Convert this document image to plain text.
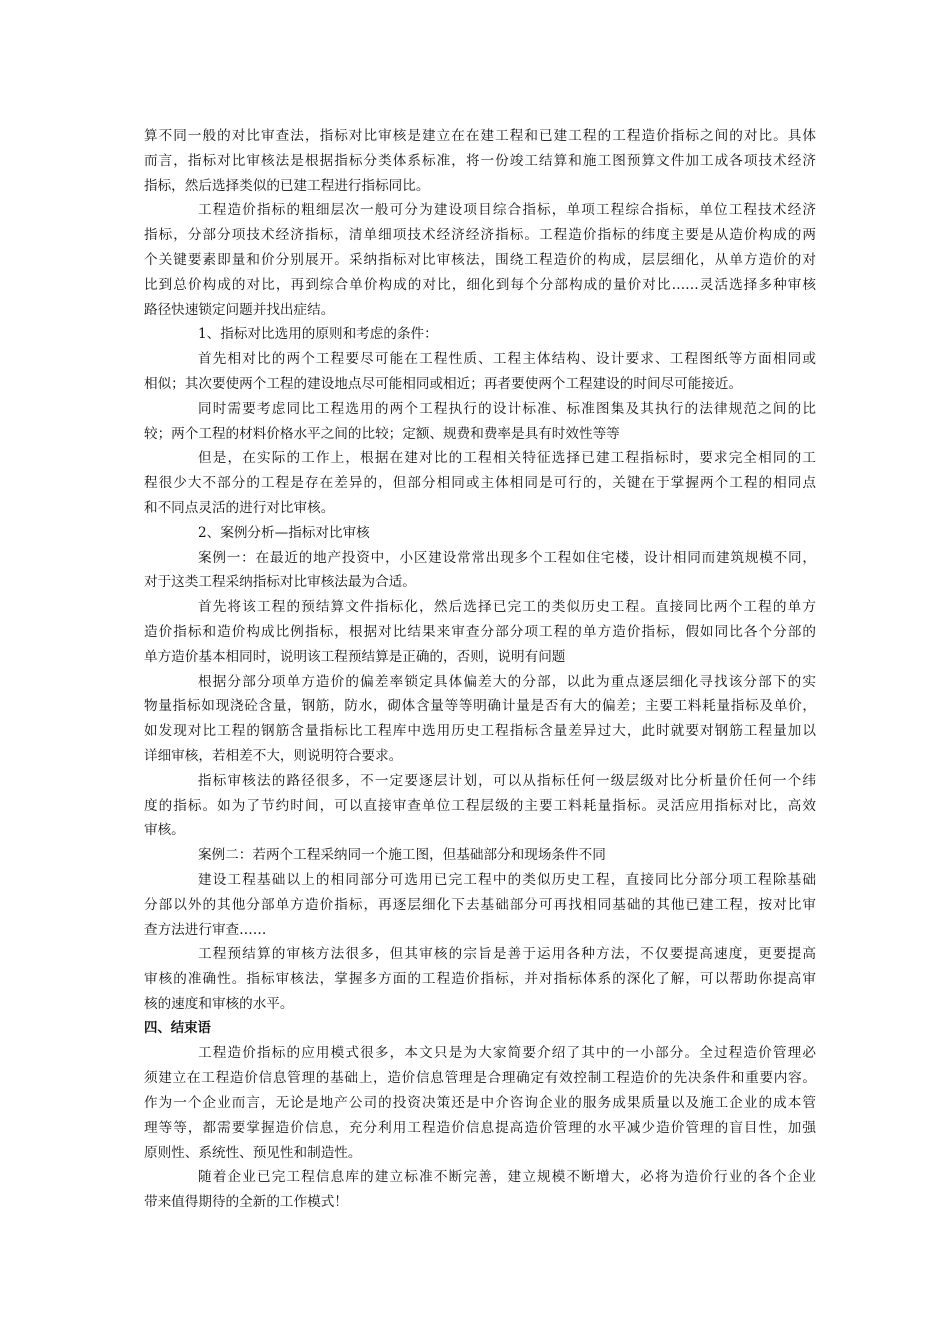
算不同一般的对比审查法，指标对比审核是建立在在建工程和已建工程的工程造价指标之间的对比。具体
而言，指标对比审核法是根据指标分类体系标准，将一份竣工结算和施工图预算文件加工成各项技术经济
指标，然后选择类似的已建工程进行指标同比。
工程造价指标的粗细层次一般可分为建设项目综合指标，单项工程综合指标，单位工程技术经济
指标，分部分项技术经济指标，清单细项技术经济经济指标。工程造价指标的纬度主要是从造价构成的两
个关键要素即量和价分别展开。采纳指标对比审核法，围绕工程造价的构成，层层细化，从单方造价的对
比到总价构成的对比，再到综合单价构成的对比，细化到每个分部构成的量价对比……灵活选择多种审核
路径快速锁定问题并找出症结。
1、指标对比选用的原则和考虑的条件：
首先相对比的两个工程要尽可能在工程性质、工程主体结构、设计要求、工程图纸等方面相同或
相似；其次要使两个工程的建设地点尽可能相同或相近；再者要使两个工程建设的时间尽可能接近。
同时需要考虑同比工程选用的两个工程执行的设计标准、标准图集及其执行的法律规范之间的比
较；两个工程的材料价格水平之间的比较；定额、规费和费率是具有时效性等等
但是，在实际的工作上，根据在建对比的工程相关特征选择已建工程指标时，要求完全相同的工
程很少大不部分的工程是存在差异的，但部分相同或主体相同是可行的，关键在于掌握两个工程的相同点
和不同点灵活的进行对比审核。
2、案例分析—指标对比审核
案例一：在最近的地产投资中，小区建设常常出现多个工程如住宅楼，设计相同而建筑规模不同，
对于这类工程采纳指标对比审核法最为合适。
首先将该工程的预结算文件指标化，然后选择已完工的类似历史工程。直接同比两个工程的单方
造价指标和造价构成比例指标，根据对比结果来审查分部分项工程的单方造价指标，假如同比各个分部的
单方造价基本相同时，说明该工程预结算是正确的，否则，说明有问题
根据分部分项单方造价的偏差率锁定具体偏差大的分部，以此为重点逐层细化寻找该分部下的实
物量指标如现浇砼含量，钢筋，防水，砌体含量等等明确计量是否有大的偏差；主要工料耗量指标及单价，
如发现对比工程的钢筋含量指标比工程库中选用历史工程指标含量差异过大，此时就要对钢筋工程量加以
详细审核，若相差不大，则说明符合要求。
指标审核法的路径很多，不一定要逐层计划，可以从指标任何一级层级对比分析量价任何一个纬
度的指标。如为了节约时间，可以直接审查单位工程层级的主要工料耗量指标。灵活应用指标对比，高效
审核。
案例二：若两个工程采纳同一个施工图，但基础部分和现场条件不同
建设工程基础以上的相同部分可选用已完工程中的类似历史工程，直接同比分部分项工程除基础
分部以外的其他分部单方造价指标，再逐层细化下去基础部分可再找相同基础的其他已建工程，按对比审
查方法进行审查……
工程预结算的审核方法很多，但其审核的宗旨是善于运用各种方法，不仅要提高速度，更要提高
审核的准确性。指标审核法，掌握多方面的工程造价指标，并对指标体系的深化了解，可以帮助你提高审
核的速度和审核的水平。
四、结束语
工程造价指标的应用模式很多，本文只是为大家简要介绍了其中的一小部分。全过程造价管理必
须建立在工程造价信息管理的基础上，造价信息管理是合理确定有效控制工程造价的先决条件和重要内容。
作为一个企业而言，无论是地产公司的投资决策还是中介咨询企业的服务成果质量以及施工企业的成本管
理等等，都需要掌握造价信息，充分利用工程造价信息提高造价管理的水平减少造价管理的盲目性，加强
原则性、系统性、预见性和制造性。
随着企业已完工程信息库的建立标准不断完善，建立规模不断增大，必将为造价行业的各个企业
带来值得期待的全新的工作模式！
